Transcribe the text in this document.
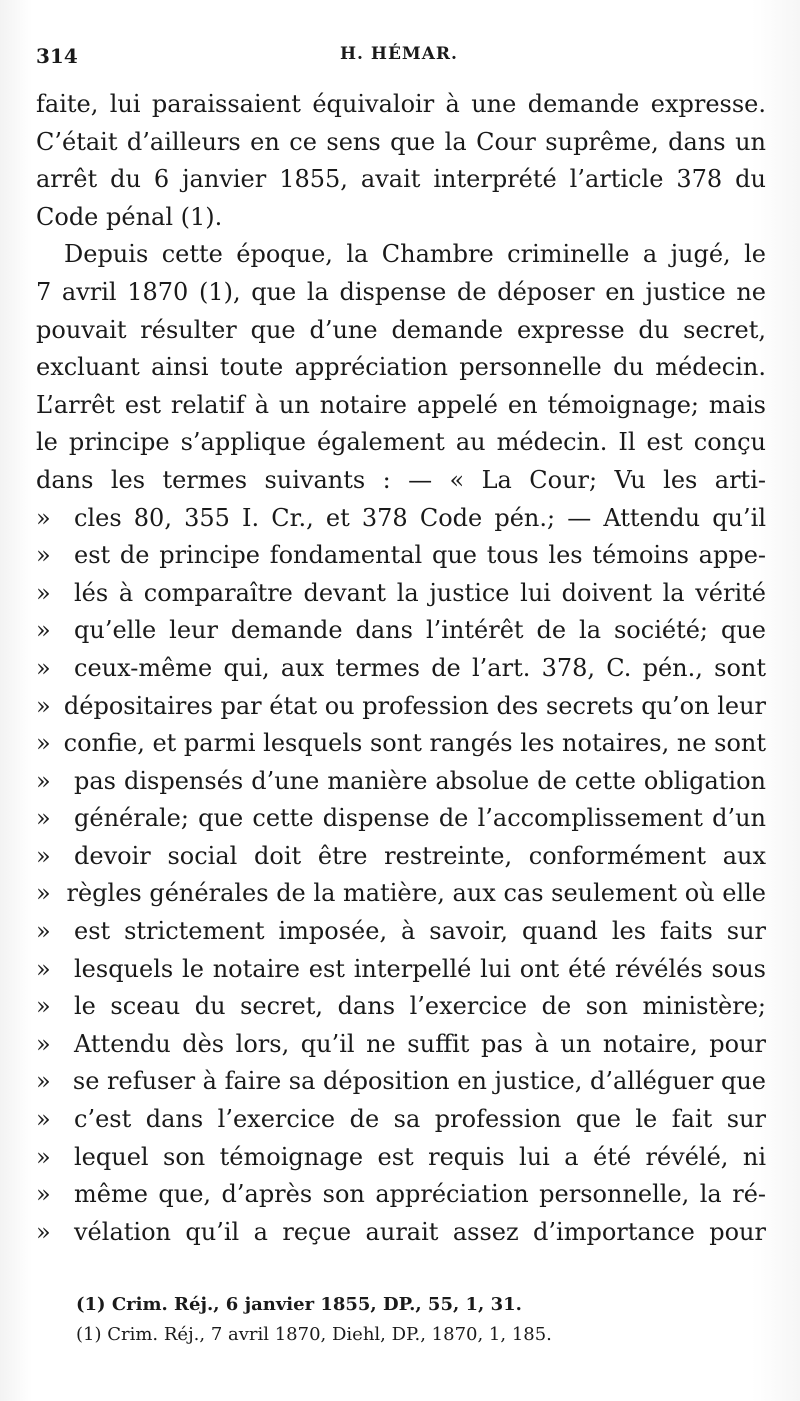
314	H. HÉMAR.
faite, lui paraissaient équivaloir à une demande expresse.
C’était d’ailleurs en ce sens que la Cour suprême, dans un
arrêt du 6 janvier 1855, avait interprété l’article 378 du
Code pénal (1).
Depuis cette époque, la Chambre criminelle a jugé, le
7 avril 1870 (1), que la dispense de déposer en justice ne
pouvait résulter que d’une demande expresse du secret,
excluant ainsi toute appréciation personnelle du médecin.
L’arrêt est relatif à un notaire appelé en témoignage; mais
le principe s’applique également au médecin. Il est conçu
dans les termes suivants : — « La Cour; Vu les arti-
» cles 80, 355 I. Cr., et 378 Code pén.; — Attendu qu’il
» est de principe fondamental que tous les témoins appe-
» lés à comparaître devant la justice lui doivent la vérité
» qu’elle leur demande dans l’intérêt de la société; que
» ceux-même qui, aux termes de l’art. 378, C. pén., sont
» dépositaires par état ou profession des secrets qu’on leur
» confie, et parmi lesquels sont rangés les notaires, ne sont
» pas dispensés d’une manière absolue de cette obligation
» générale; que cette dispense de l’accomplissement d’un
» devoir social doit être restreinte, conformément aux
» règles générales de la matière, aux cas seulement où elle
» est strictement imposée, à savoir, quand les faits sur
» lesquels le notaire est interpellé lui ont été révélés sous
» le sceau du secret, dans l’exercice de son ministère;
» Attendu dès lors, qu’il ne suffit pas à un notaire, pour
» se refuser à faire sa déposition en justice, d’alléguer que
» c’est dans l’exercice de sa profession que le fait sur
» lequel son témoignage est requis lui a été révélé, ni
» même que, d’après son appréciation personnelle, la ré-
» vélation qu’il a reçue aurait assez d’importance pour
(1) Crim. Réj., 6 janvier 1855, DP., 55, 1, 31.
(1) Crim. Réj., 7 avril 1870, Diehl, DP., 1870, 1, 185.
